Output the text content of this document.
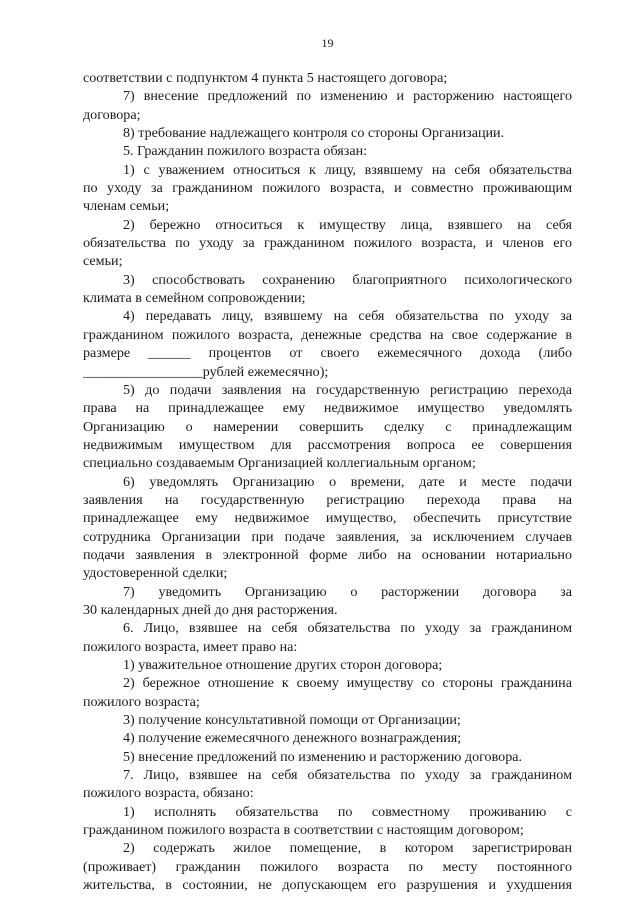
19
соответствии с подпунктом 4 пункта 5 настоящего договора;
7) внесение предложений по изменению и расторжению настоящего
договора;
8) требование надлежащего контроля со стороны Организации.
5. Гражданин пожилого возраста обязан:
1) с уважением относиться к лицу, взявшему на себя обязательства
по уходу за гражданином пожилого возраста, и совместно проживающим
членам семьи;
2) бережно относиться к имуществу лица, взявшего на себя
обязательства по уходу за гражданином пожилого возраста, и членов его
семьи;
3) способствовать сохранению благоприятного психологического
климата в семейном сопровождении;
4) передавать лицу, взявшему на себя обязательства по уходу за
гражданином пожилого возраста, денежные средства на свое содержание в
размере ______ процентов от своего ежемесячного дохода (либо
_________________рублей ежемесячно);
5) до подачи заявления на государственную регистрацию перехода
права на принадлежащее ему недвижимое имущество уведомлять
Организацию о намерении совершить сделку с принадлежащим
недвижимым имуществом для рассмотрения вопроса ее совершения
специально создаваемым Организацией коллегиальным органом;
6) уведомлять Организацию о времени, дате и месте подачи
заявления на государственную регистрацию перехода права на
принадлежащее ему недвижимое имущество, обеспечить присутствие
сотрудника Организации при подаче заявления, за исключением случаев
подачи заявления в электронной форме либо на основании нотариально
удостоверенной сделки;
7) уведомить Организацию о расторжении договора за
30 календарных дней до дня расторжения.
6. Лицо, взявшее на себя обязательства по уходу за гражданином
пожилого возраста, имеет право на:
1) уважительное отношение других сторон договора;
2) бережное отношение к своему имуществу со стороны гражданина
пожилого возраста;
3) получение консультативной помощи от Организации;
4) получение ежемесячного денежного вознаграждения;
5) внесение предложений по изменению и расторжению договора.
7. Лицо, взявшее на себя обязательства по уходу за гражданином
пожилого возраста, обязано:
1) исполнять обязательства по совместному проживанию с
гражданином пожилого возраста в соответствии с настоящим договором;
2) содержать жилое помещение, в котором зарегистрирован
(проживает) гражданин пожилого возраста по месту постоянного
жительства, в состоянии, не допускающем его разрушения и ухудшения
